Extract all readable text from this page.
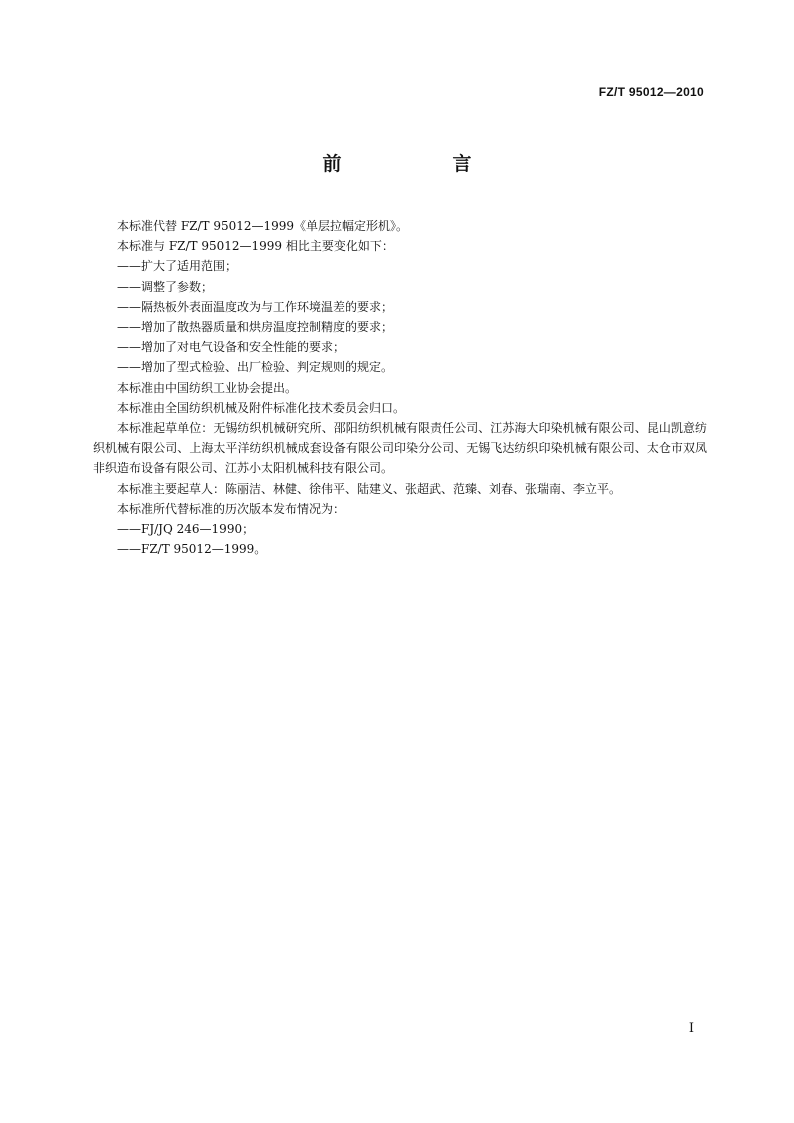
FZ/T 95012—2010
前　言

本标准代替 FZ/T 95012—1999《单层拉幅定形机》。

本标准与 FZ/T 95012—1999 相比主要变化如下：

——扩大了适用范围；

——调整了参数；

——隔热板外表面温度改为与工作环境温差的要求；

——增加了散热器质量和烘房温度控制精度的要求；

——增加了对电气设备和安全性能的要求；

——增加了型式检验、出厂检验、判定规则的规定。

本标准由中国纺织工业协会提出。

本标准由全国纺织机械及附件标准化技术委员会归口。

本标准起草单位：无锡纺织机械研究所、邵阳纺织机械有限责任公司、江苏海大印染机械有限公司、昆山凯意纺织机械有限公司、上海太平洋纺织机械成套设备有限公司印染分公司、无锡飞达纺织印染机械有限公司、太仓市双凤非织造布设备有限公司、江苏小太阳机械科技有限公司。

本标准主要起草人：陈丽洁、林健、徐伟平、陆建义、张超武、范臻、刘春、张瑞南、李立平。

本标准所代替标准的历次版本发布情况为：

——FJ/JQ 246—1990；

——FZ/T 95012—1999。

I
